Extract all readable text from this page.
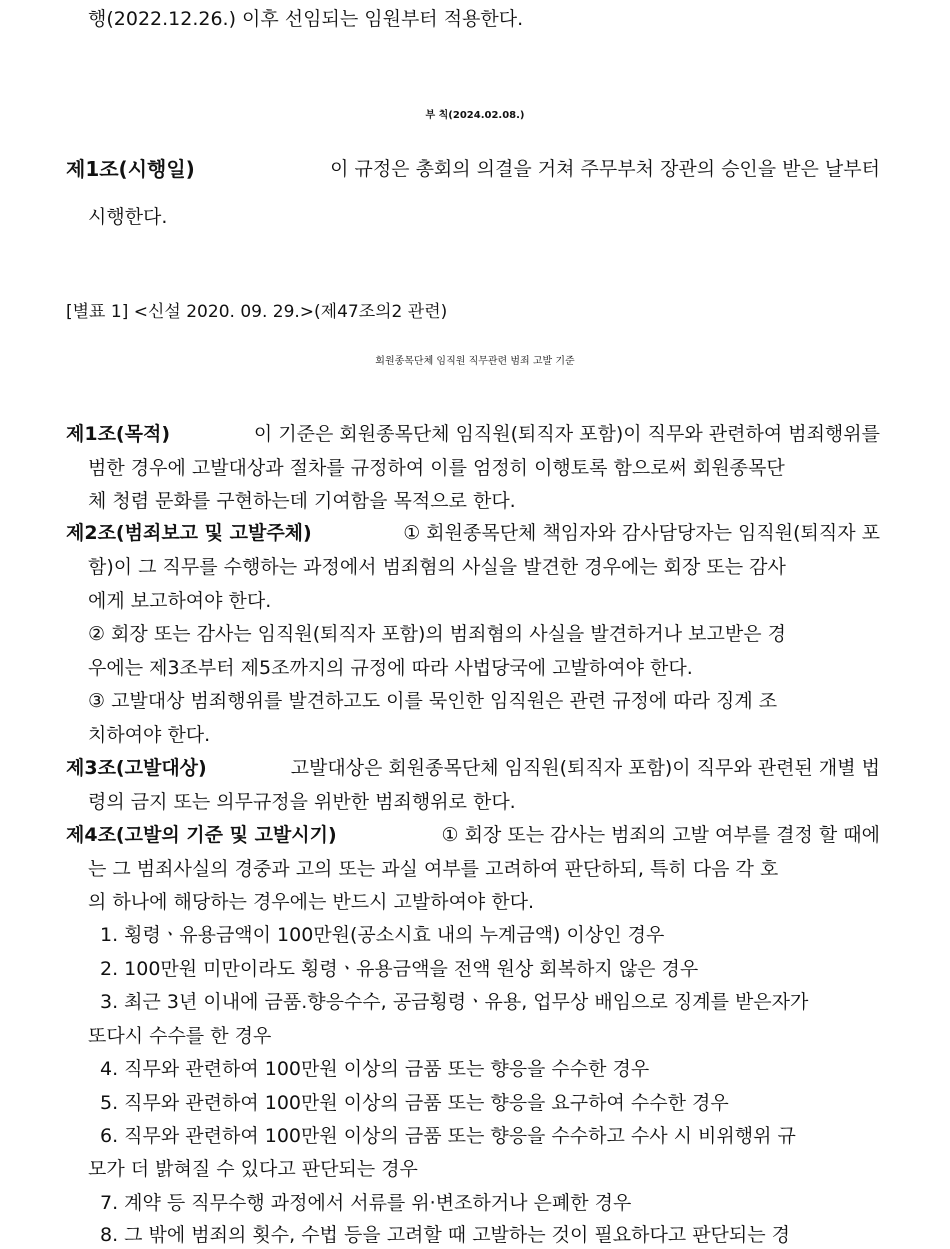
행(2022.12.26.) 이후 선임되는 임원부터 적용한다.
부 칙(2024.02.08.)
제1조(시행일)	이 규정은 총회의 의결을 거쳐 주무부처 장관의 승인을 받은 날부터
시행한다.
[별표 1] <신설 2020. 09. 29.>(제47조의2 관련)
회원종목단체 임직원 직무관련 범죄 고발 기준
제1조(목적)	이 기준은 회원종목단체 임직원(퇴직자 포함)이 직무와 관련하여 범죄행위를
범한 경우에 고발대상과 절차를 규정하여 이를 엄정히 이행토록 함으로써 회원종목단
체 청렴 문화를 구현하는데 기여함을 목적으로 한다.
제2조(범죄보고 및 고발주체)	① 회원종목단체 책임자와 감사담당자는 임직원(퇴직자 포
함)이 그 직무를 수행하는 과정에서 범죄혐의 사실을 발견한 경우에는 회장 또는 감사
에게 보고하여야 한다.
② 회장 또는 감사는 임직원(퇴직자 포함)의 범죄혐의 사실을 발견하거나 보고받은 경
우에는 제3조부터 제5조까지의 규정에 따라 사법당국에 고발하여야 한다.
③ 고발대상 범죄행위를 발견하고도 이를 묵인한 임직원은 관련 규정에 따라 징계 조
치하여야 한다.
제3조(고발대상)	고발대상은 회원종목단체 임직원(퇴직자 포함)이 직무와 관련된 개별 법
령의 금지 또는 의무규정을 위반한 범죄행위로 한다.
제4조(고발의 기준 및 고발시기)	① 회장 또는 감사는 범죄의 고발 여부를 결정 할 때에
는 그 범죄사실의 경중과 고의 또는 과실 여부를 고려하여 판단하되, 특히 다음 각 호
의 하나에 해당하는 경우에는 반드시 고발하여야 한다.
1. 횡령ㆍ유용금액이 100만원(공소시효 내의 누계금액) 이상인 경우
2. 100만원 미만이라도 횡령ㆍ유용금액을 전액 원상 회복하지 않은 경우
3. 최근 3년 이내에 금품.향응수수, 공금횡령ㆍ유용, 업무상 배임으로 징계를 받은자가
또다시 수수를 한 경우
4. 직무와 관련하여 100만원 이상의 금품 또는 향응을 수수한 경우
5. 직무와 관련하여 100만원 이상의 금품 또는 향응을 요구하여 수수한 경우
6. 직무와 관련하여 100만원 이상의 금품 또는 향응을 수수하고 수사 시 비위행위 규
모가 더 밝혀질 수 있다고 판단되는 경우
7. 계약 등 직무수행 과정에서 서류를 위·변조하거나 은폐한 경우
8. 그 밖에 범죄의 횟수, 수법 등을 고려할 때 고발하는 것이 필요하다고 판단되는 경
